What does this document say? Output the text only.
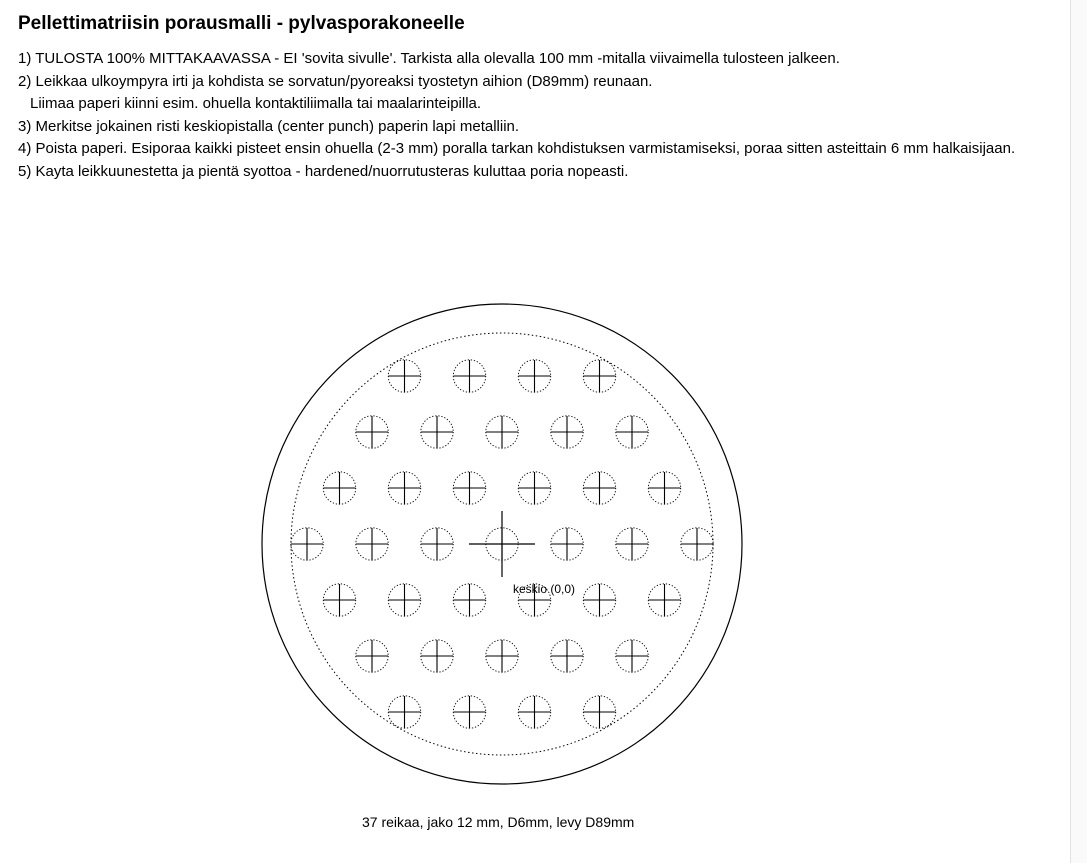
Pellettimatriisin porausmalli - pylvasporakoneelle
1) TULOSTA 100% MITTAKAAVASSA - EI 'sovita sivulle'. Tarkista alla olevalla 100 mm -mitalla viivaimella tulosteen jalkeen.
2) Leikkaa ulkoympyra irti ja kohdista se sorvatun/pyoreaksi tyostetyn aihion (D89mm) reunaan.
Liimaa paperi kiinni esim. ohuella kontaktiliimalla tai maalarinteipilla.
3) Merkitse jokainen risti keskiopistalla (center punch) paperin lapi metalliin.
4) Poista paperi. Esiporaa kaikki pisteet ensin ohuella (2-3 mm) poralla tarkan kohdistuksen varmistamiseksi, poraa sitten asteittain 6 mm halkaisijaan.
5) Kayta leikkuunestetta ja pientä syottoa - hardened/nuorrutusteras kuluttaa poria nopeasti.
keskio (0,0)
37 reikaa, jako 12 mm, D6mm, levy D89mm
